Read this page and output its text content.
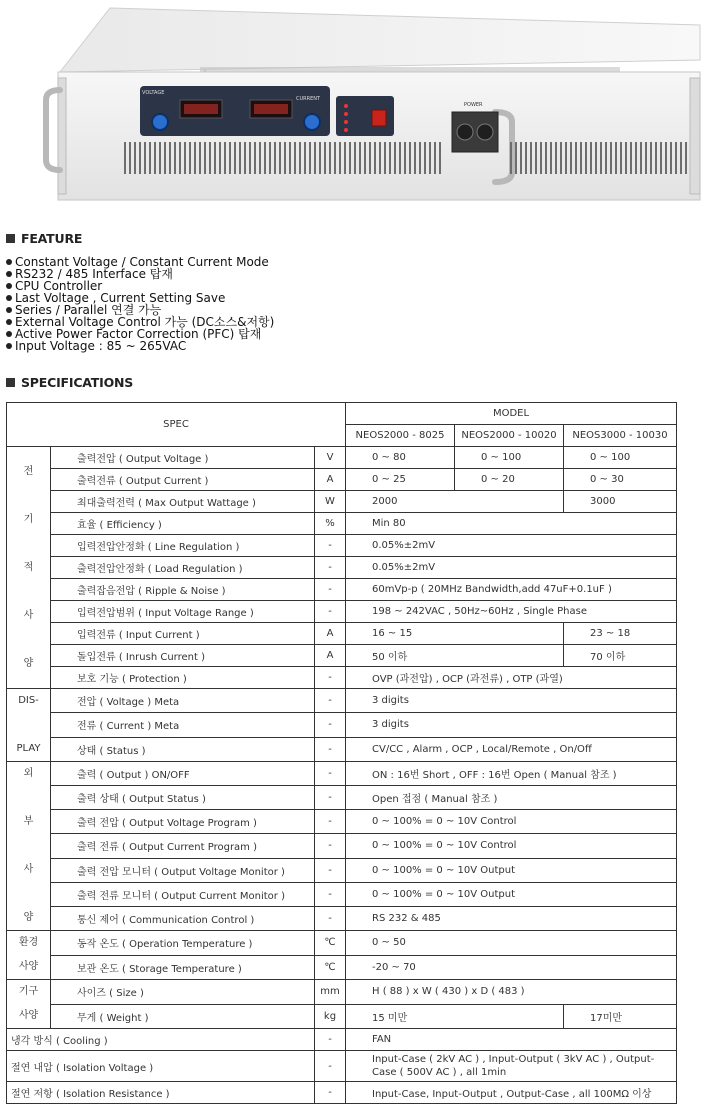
VOLTAGE
CURRENT
POWER
FEATURE
Constant Voltage / Constant Current Mode
RS232 / 485 Interface 탑재
CPU Controller
Last Voltage , Current Setting Save
Series / Parallel 연결 가능
External Voltage Control 가능 (DC소스&저항)
Active Power Factor Correction (PFC) 탑재
Input Voltage : 85 ~ 265VAC
SPECIFICATIONS
SPEC			MODEL		
			NEOS2000 - 8025	NEOS2000 - 10020	NEOS3000 - 10030
전

기

적

사

양	출력전압 ( Output Voltage )	V	0 ~ 80	0 ~ 100	0 ~ 100
	출력전류 ( Output Current )	A	0 ~ 25	0 ~ 20	0 ~ 30
	최대출력전력 ( Max Output Wattage )	W	2000		3000
	효율 ( Efficiency )	%	Min 80		
	입력전압안정화 ( Line Regulation )	-	0.05%±2mV		
	출력전압안정화 ( Load Regulation )	-	0.05%±2mV		
	출력잡음전압 ( Ripple & Noise )	-	60mVp-p ( 20MHz Bandwidth,add 47uF+0.1uF )		
	입력전압범위 ( Input Voltage Range )	-	198 ~ 242VAC , 50Hz~60Hz , Single Phase		
	입력전류 ( Input Current )	A	16 ~ 15		23 ~ 18
	돌입전류 ( Inrush Current )	A	50 이하		70 이하
	보호 기능 ( Protection )	-	OVP (과전압) , OCP (과전류) , OTP (과열)		
DIS-

PLAY	전압 ( Voltage ) Meta	-	3 digits		
	전류 ( Current ) Meta	-	3 digits		
	상태 ( Status )	-	CV/CC , Alarm , OCP , Local/Remote , On/Off		
외

부

사

양	출력 ( Output ) ON/OFF	-	ON : 16번 Short , OFF : 16번 Open ( Manual 참조 )		
	출력 상태 ( Output Status )	-	Open 접점 ( Manual 참조 )		
	출력 전압 ( Output Voltage Program )	-	0 ~ 100% = 0 ~ 10V Control		
	출력 전류 ( Output Current Program )	-	0 ~ 100% = 0 ~ 10V Control		
	출력 전압 모니터 ( Output Voltage Monitor )	-	0 ~ 100% = 0 ~ 10V Output		
	출력 전류 모니터 ( Output Current Monitor )	-	0 ~ 100% = 0 ~ 10V Output		
	통신 제어 ( Communication Control )	-	RS 232 & 485		
환경
사양	동작 온도 ( Operation Temperature )	℃	0 ~ 50		
	보관 온도 ( Storage Temperature )	℃	-20 ~ 70		
기구
사양	사이즈 ( Size )	mm	H ( 88 ) x W ( 430 ) x D ( 483 )		
	무게 ( Weight )	kg	15 미만		17미만
냉각 방식 ( Cooling )		-	FAN		
절연 내압 ( Isolation Voltage )		-	Input-Case ( 2kV AC ) , Input-Output ( 3kV AC ) , Output-Case ( 500V AC ) , all 1min		
절연 저항 ( Isolation Resistance )		-	Input-Case, Input-Output , Output-Case , all 100MΩ 이상		
